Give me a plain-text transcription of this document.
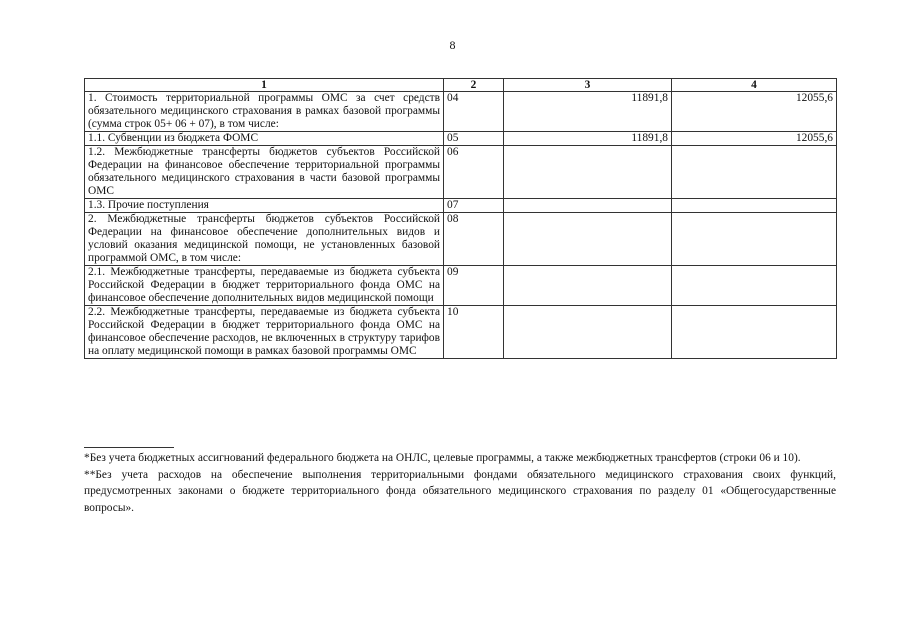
8
1	2	3	4
1. Стоимость территориальной программы ОМС за счет средств обязательного медицинского страхования в рамках базовой программы (сумма строк 05+ 06 + 07), в том числе:	04	11891,8	12055,6
1.1. Субвенции из бюджета ФОМС	05	11891,8	12055,6
1.2. Межбюджетные трансферты бюджетов субъектов Российской Федерации на финансовое обеспечение территориальной программы обязательного медицинского страхования в части базовой программы ОМС	06		
1.3. Прочие поступления	07		
2. Межбюджетные трансферты бюджетов субъектов Российской Федерации на финансовое обеспечение дополнительных видов и условий оказания медицинской помощи, не установленных базовой программой ОМС, в том числе:	08		
2.1. Межбюджетные трансферты, передаваемые из бюджета субъекта Российской Федерации в бюджет территориального фонда ОМС на финансовое обеспечение дополнительных видов медицинской помощи	09		
2.2. Межбюджетные трансферты, передаваемые из бюджета субъекта Российской Федерации в бюджет территориального фонда ОМС на финансовое обеспечение расходов, не включенных в структуру тарифов на оплату медицинской помощи в рамках базовой программы ОМС	10		

*Без учета бюджетных ассигнований федерального бюджета на ОНЛС, целевые программы, а также межбюджетных трансфертов (строки 06 и 10).

**Без учета расходов на обеспечение выполнения территориальными фондами обязательного медицинского страхования своих функций, предусмотренных законами о бюджете территориального фонда обязательного медицинского страхования по разделу 01 «Общегосударственные вопросы».
